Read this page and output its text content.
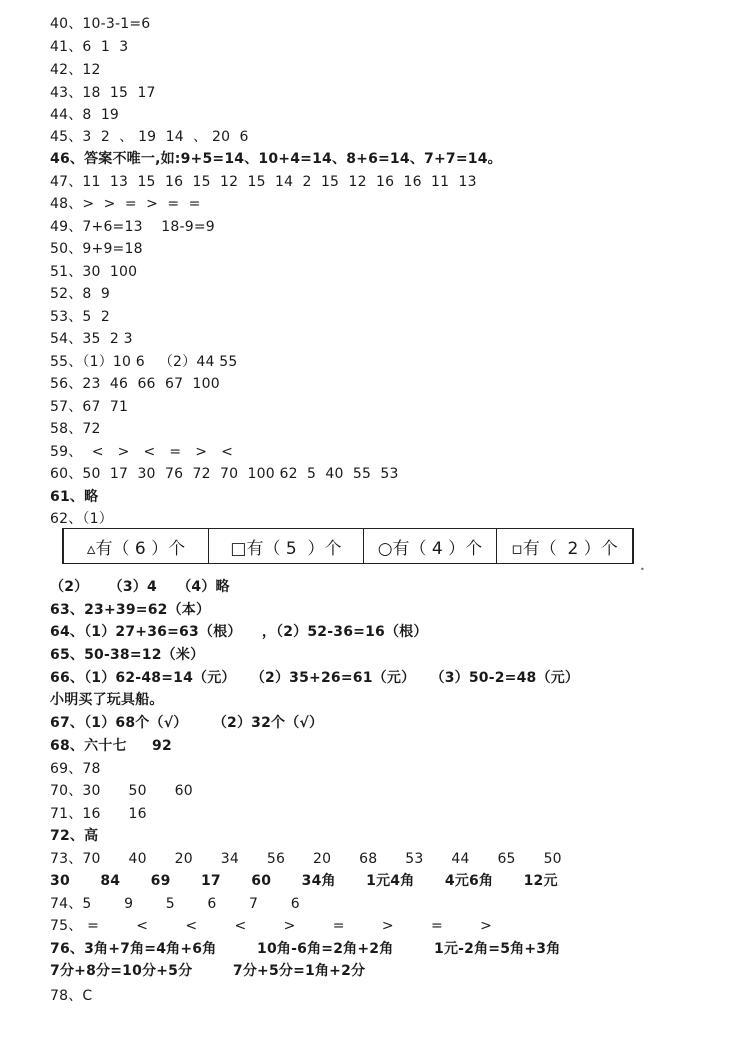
40、10-3-1=6
41、6  1  3
42、12
43、18  15  17
44、8  19
45、3  2  、 19  14  、 20  6
46、答案不唯一,如:9+5=14、10+4=14、8+6=14、7+7=14。
47、11  13  15  16  15  12  15  14  2  15  12  16  16  11  13
48、>  >  =  >  =  =
49、7+6=13    18-9=9
50、9+9=18
51、30  100
52、8  9
53、5  2
54、35  2 3
55、（1）10 6   （2）44 55
56、23  46  66  67  100
57、67  71
58、72
59、  <   >   <   =   >   <
60、50  17  30  76  72  70  100 62  5  40  55  53
61、略
62、（1）
▵有（ 6 ）个	□有（ 5  ）个	○有（ 4 ）个	▫有（  2 ）个
•
（2）    （3）4    （4）略
63、23+39=62（本）
64、（1）27+36=63（根）    ，（2）52-36=16（根）
65、50-38=12（米）
66、（1）62-48=14（元）   （2）35+26=61（元）   （3）50-2=48（元）
小明买了玩具船。
67、（1）68个（√）     （2）32个（√）
68、六十七     92
69、78
70、30      50      60
71、16      16
72、高
73、70      40      20      34      56      20      68      53      44      65      50
30      84      69      17      60      34角      1元4角      4元6角      12元
74、5       9       5       6       7       6
75、 =        <        <        <        >        =        >        =        >
76、3角+7角=4角+6角        10角-6角=2角+2角        1元-2角=5角+3角
7分+8分=10分+5分        7分+5分=1角+2分
78、C
